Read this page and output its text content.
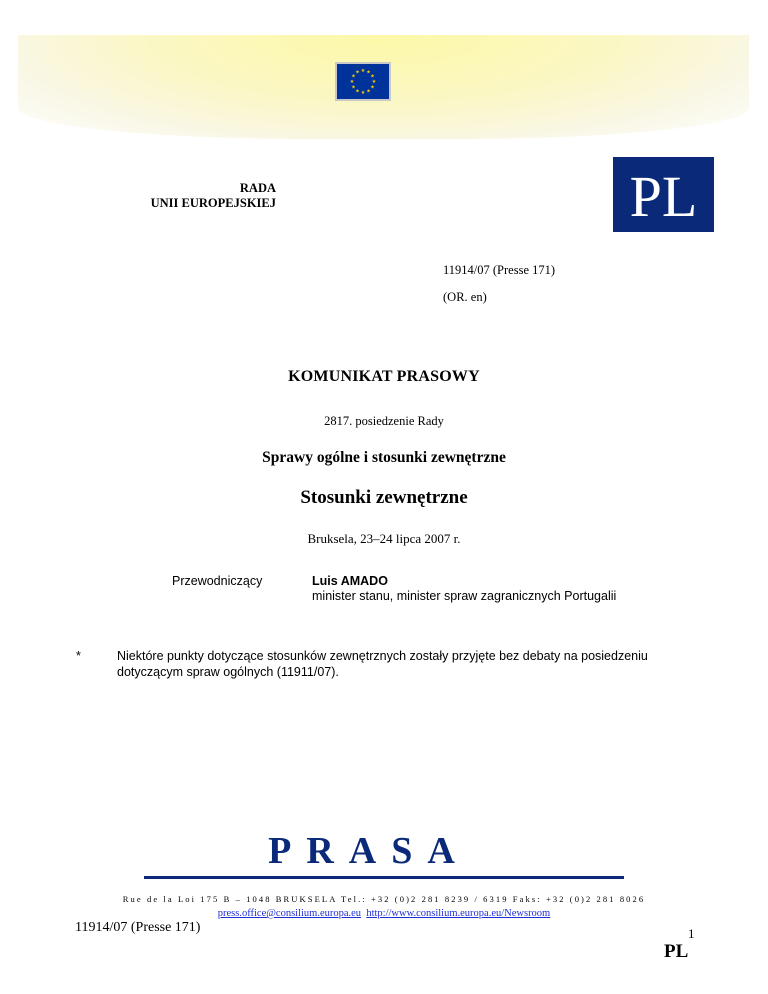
★ ★
★
★
★
★
★
★
★
★
★
★
RADA
UNII EUROPEJSKIEJ	PL
11914/07 (Presse 171)
(OR. en)
KOMUNIKAT PRASOWY
2817. posiedzenie Rady
Sprawy ogólne i stosunki zewnętrzne
Stosunki zewnętrzne
Bruksela, 23–24 lipca 2007 r.
Przewodniczący	Luis AMADO
minister stanu, minister spraw zagranicznych Portugalii
*	Niektóre punkty dotyczące stosunków zewnętrznych zostały przyjęte bez debaty na posiedzeniu dotyczącym spraw ogólnych (11911/07).
PRASA
Rue de la Loi 175 B – 1048 BRUKSELA Tel.: +32 (0)2 281 8239 / 6319 Faks: +32 (0)2 281 8026
press.office@consilium.europa.eu http://www.consilium.europa.eu/Newsroom
11914/07 (Presse 171)	1
PL
